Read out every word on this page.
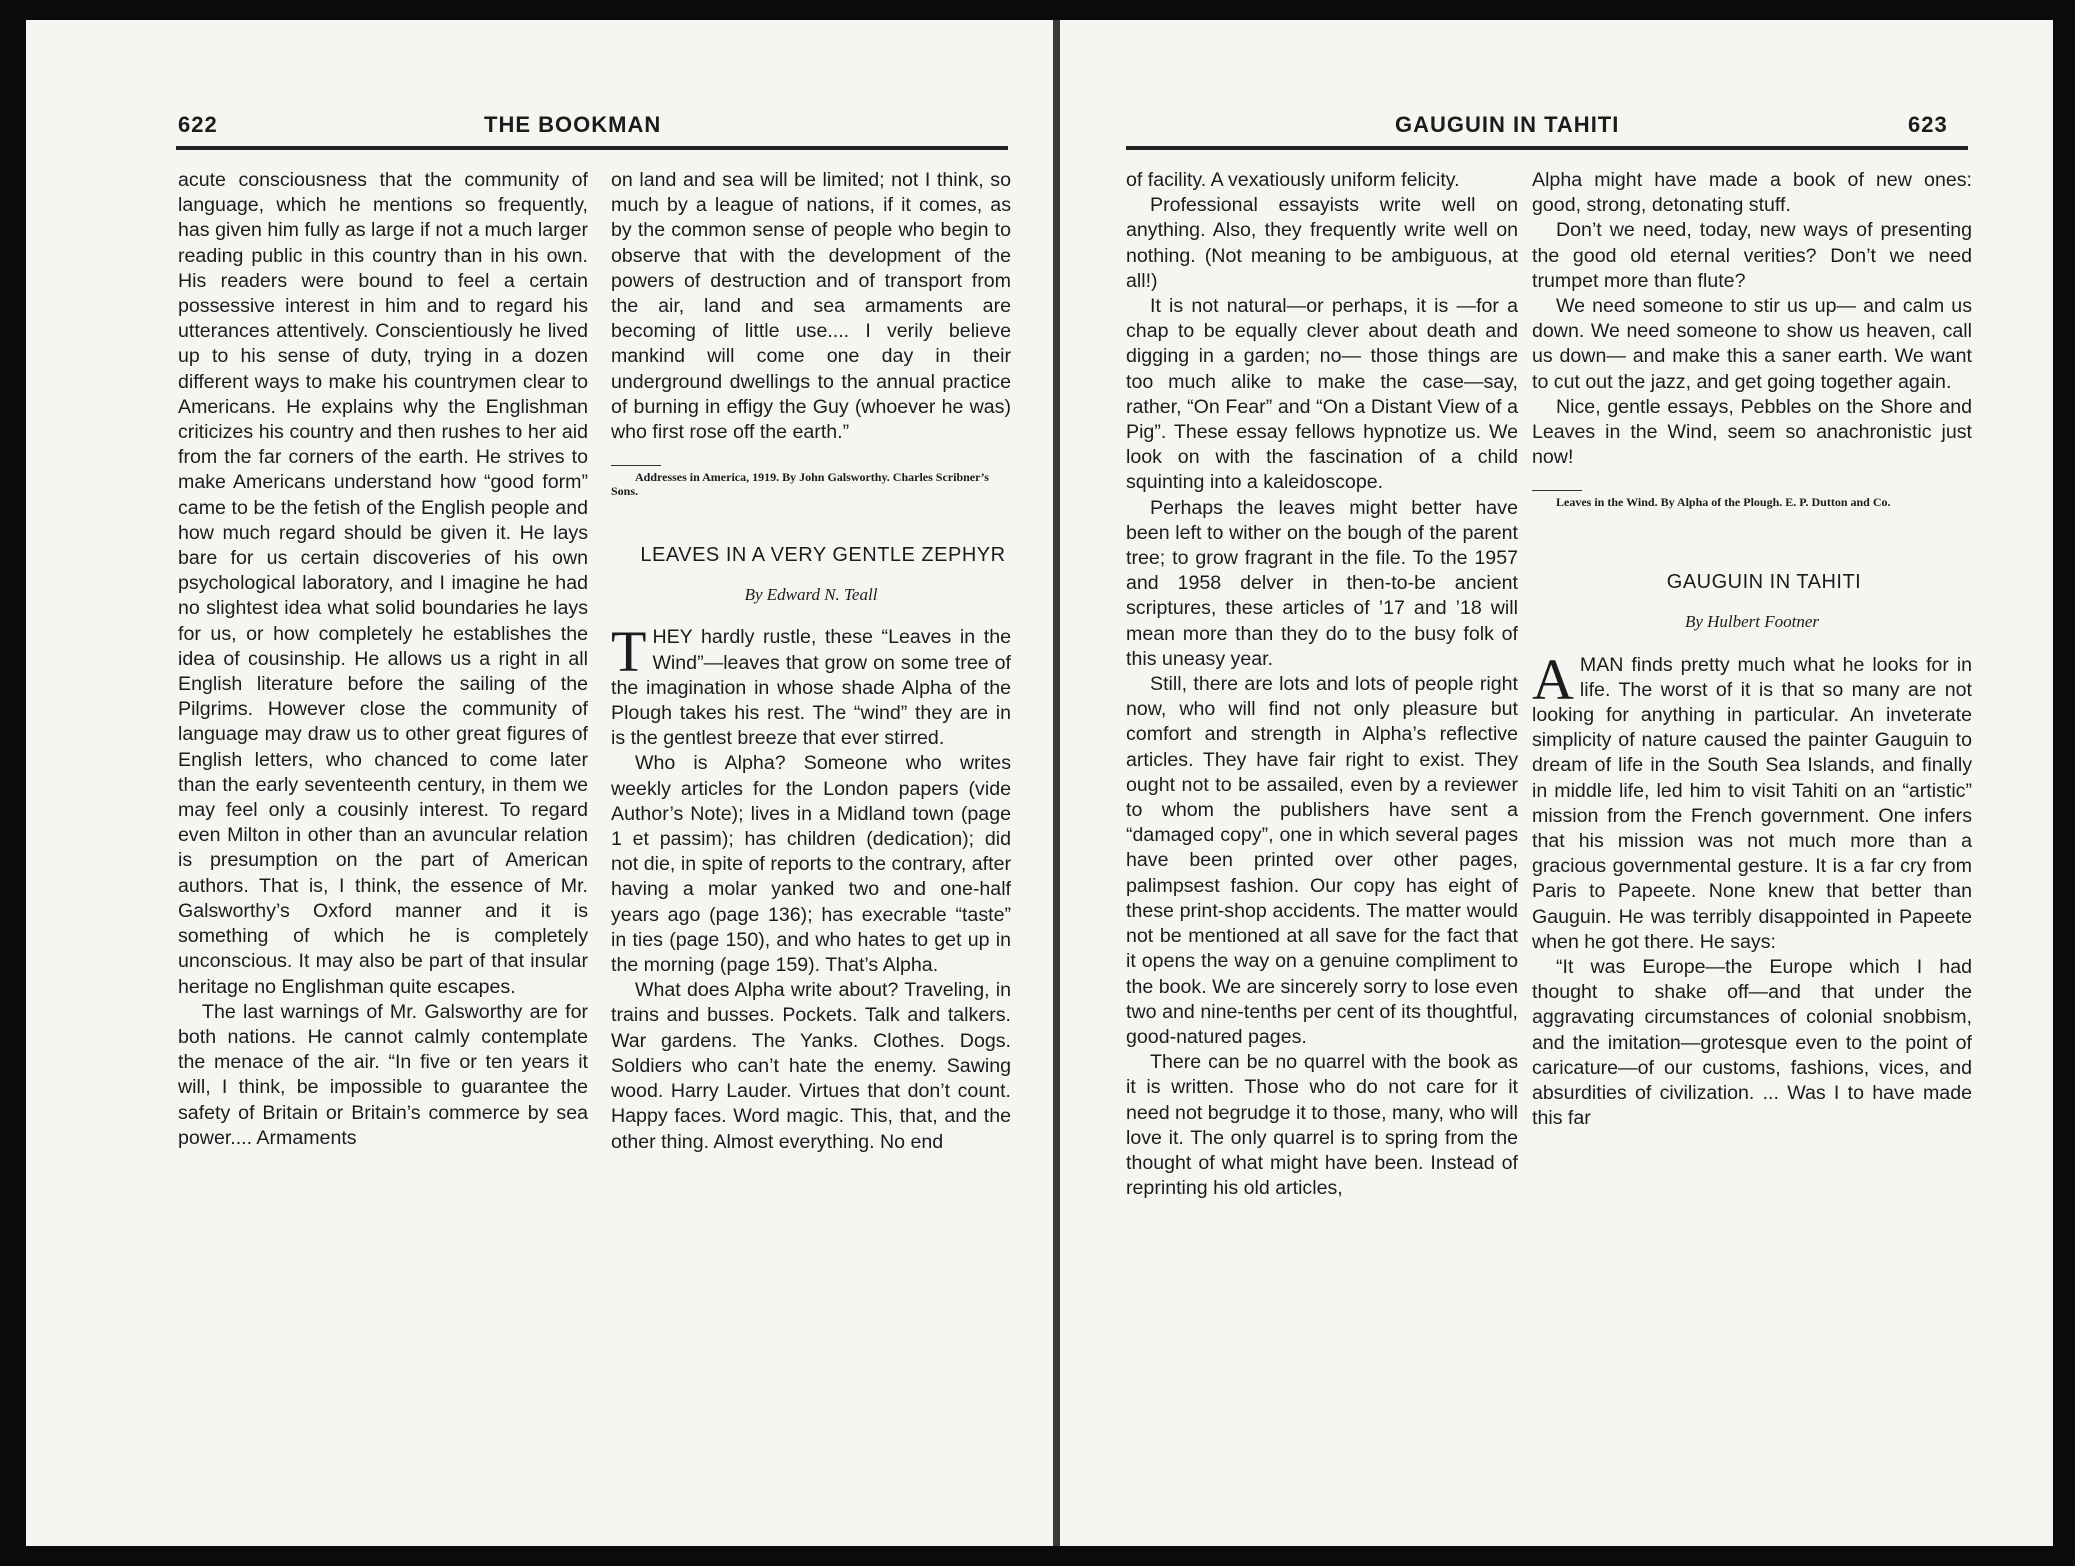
622	THE BOOKMAN

acute consciousness that the community of language, which he mentions so frequently, has given him fully as large if not a much larger reading public in this country than in his own. His readers were bound to feel a certain possessive interest in him and to regard his utterances attentively. Conscientiously he lived up to his sense of duty, trying in a dozen different ways to make his countrymen clear to Americans. He explains why the Englishman criticizes his country and then rushes to her aid from the far corners of the earth. He strives to make Americans understand how “good form” came to be the fetish of the English people and how much regard should be given it. He lays bare for us certain discoveries of his own psychological laboratory, and I imagine he had no slightest idea what solid boundaries he lays for us, or how completely he establishes the idea of cousinship. He allows us a right in all English literature before the sailing of the Pilgrims. However close the community of language may draw us to other great figures of English letters, who chanced to come later than the early seventeenth century, in them we may feel only a cousinly interest. To regard even Milton in other than an avuncular relation is presumption on the part of American authors. That is, I think, the essence of Mr. Galsworthy’s Oxford manner and it is something of which he is completely unconscious. It may also be part of that insular heritage no Englishman quite escapes.

The last warnings of Mr. Galsworthy are for both nations. He cannot calmly contemplate the menace of the air. “In five or ten years it will, I think, be impossible to guarantee the safety of Britain or Britain’s commerce by sea power.... Armaments

on land and sea will be limited; not I think, so much by a league of nations, if it comes, as by the common sense of people who begin to observe that with the development of the powers of destruction and of transport from the air, land and sea armaments are becoming of little use.... I verily believe mankind will come one day in their underground dwellings to the annual practice of burning in effigy the Guy (whoever he was) who first rose off the earth.”

Addresses in America, 1919. By John Galsworthy. Charles Scribner’s Sons.

LEAVES IN A VERY GENTLE ZEPHYR

By Edward N. Teall

THEY hardly rustle, these “Leaves in the Wind”—leaves that grow on some tree of the imagination in whose shade Alpha of the Plough takes his rest. The “wind” they are in is the gentlest breeze that ever stirred.

Who is Alpha? Someone who writes weekly articles for the London papers (vide Author’s Note); lives in a Midland town (page 1 et passim); has children (dedication); did not die, in spite of reports to the contrary, after having a molar yanked two and one-half years ago (page 136); has execrable “taste” in ties (page 150), and who hates to get up in the morning (page 159). That’s Alpha.

What does Alpha write about? Traveling, in trains and busses. Pockets. Talk and talkers. War gardens. The Yanks. Clothes. Dogs. Soldiers who can’t hate the enemy. Sawing wood. Harry Lauder. Virtues that don’t count. Happy faces. Word magic. This, that, and the other thing. Almost everything. No end

GAUGUIN IN TAHITI	623

of facility. A vexatiously uniform felicity.

Professional essayists write well on anything. Also, they frequently write well on nothing. (Not meaning to be ambiguous, at all!)

It is not natural—or perhaps, it is —for a chap to be equally clever about death and digging in a garden; no— those things are too much alike to make the case—say, rather, “On Fear” and “On a Distant View of a Pig”. These essay fellows hypnotize us. We look on with the fascination of a child squinting into a kaleidoscope.

Perhaps the leaves might better have been left to wither on the bough of the parent tree; to grow fragrant in the file. To the 1957 and 1958 delver in then-to-be ancient scriptures, these articles of ’17 and ’18 will mean more than they do to the busy folk of this uneasy year.

Still, there are lots and lots of people right now, who will find not only pleasure but comfort and strength in Alpha’s reflective articles. They have fair right to exist. They ought not to be assailed, even by a reviewer to whom the publishers have sent a “damaged copy”, one in which several pages have been printed over other pages, palimpsest fashion. Our copy has eight of these print-shop accidents. The matter would not be mentioned at all save for the fact that it opens the way on a genuine compliment to the book. We are sincerely sorry to lose even two and nine-tenths per cent of its thoughtful, good-natured pages.

There can be no quarrel with the book as it is written. Those who do not care for it need not begrudge it to those, many, who will love it. The only quarrel is to spring from the thought of what might have been. Instead of reprinting his old articles,

Alpha might have made a book of new ones: good, strong, detonating stuff.

Don’t we need, today, new ways of presenting the good old eternal verities? Don’t we need trumpet more than flute?

We need someone to stir us up— and calm us down. We need someone to show us heaven, call us down— and make this a saner earth. We want to cut out the jazz, and get going together again.

Nice, gentle essays, Pebbles on the Shore and Leaves in the Wind, seem so anachronistic just now!

Leaves in the Wind. By Alpha of the Plough. E. P. Dutton and Co.

GAUGUIN IN TAHITI

By Hulbert Footner

AMAN finds pretty much what he looks for in life. The worst of it is that so many are not looking for anything in particular. An inveterate simplicity of nature caused the painter Gauguin to dream of life in the South Sea Islands, and finally in middle life, led him to visit Tahiti on an “artistic” mission from the French government. One infers that his mission was not much more than a gracious governmental gesture. It is a far cry from Paris to Papeete. None knew that better than Gauguin. He was terribly disappointed in Papeete when he got there. He says:

“It was Europe—the Europe which I had thought to shake off—and that under the aggravating circumstances of colonial snobbism, and the imitation—grotesque even to the point of caricature—of our customs, fashions, vices, and absurdities of civilization. ... Was I to have made this far
